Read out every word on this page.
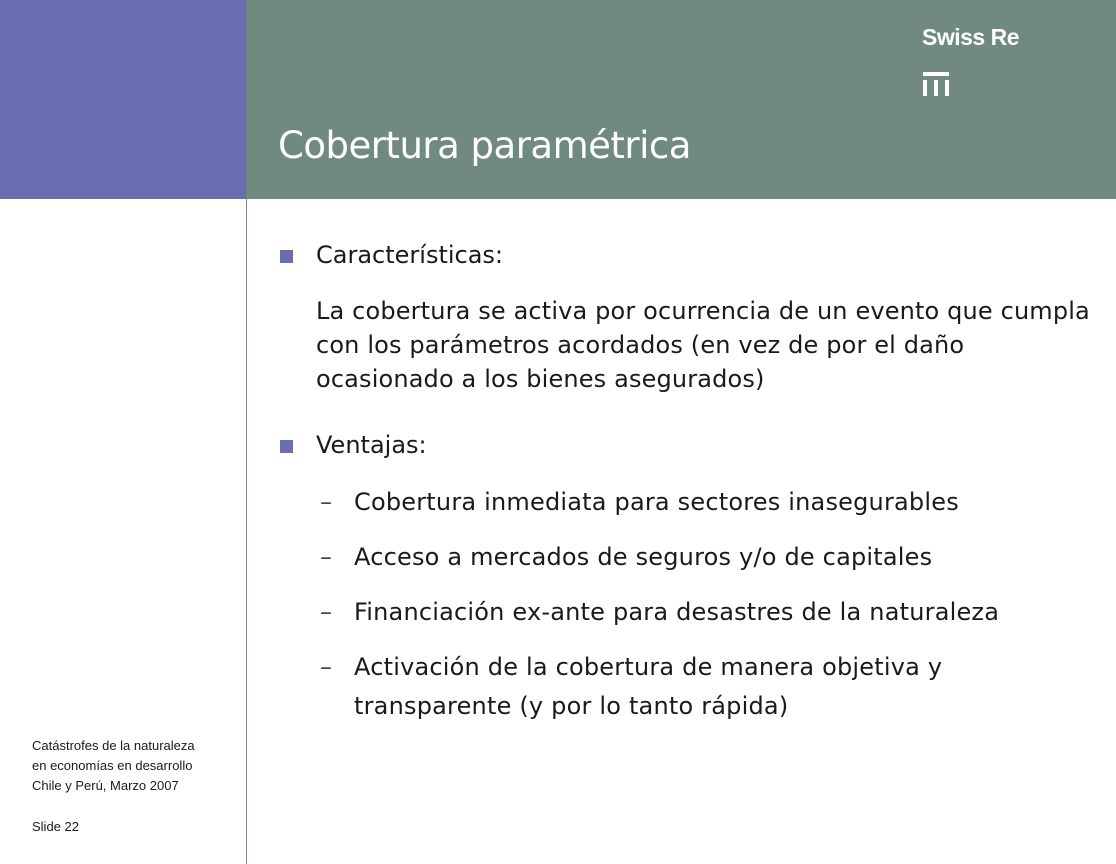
Swiss Re
Cobertura paramétrica
Características:
La cobertura se activa por ocurrencia de un evento que cumpla con los parámetros acordados (en vez de por el daño ocasionado a los bienes asegurados)
Ventajas:
– Cobertura inmediata para sectores inasegurables
– Acceso a mercados de seguros y/o de capitales
– Financiación ex-ante para desastres de la naturaleza
– Activación de la cobertura de manera objetiva y transparente (y por lo tanto rápida)
Catástrofes de la naturaleza
en economías en desarrollo
Chile y Perú, Marzo 2007
Slide 22
